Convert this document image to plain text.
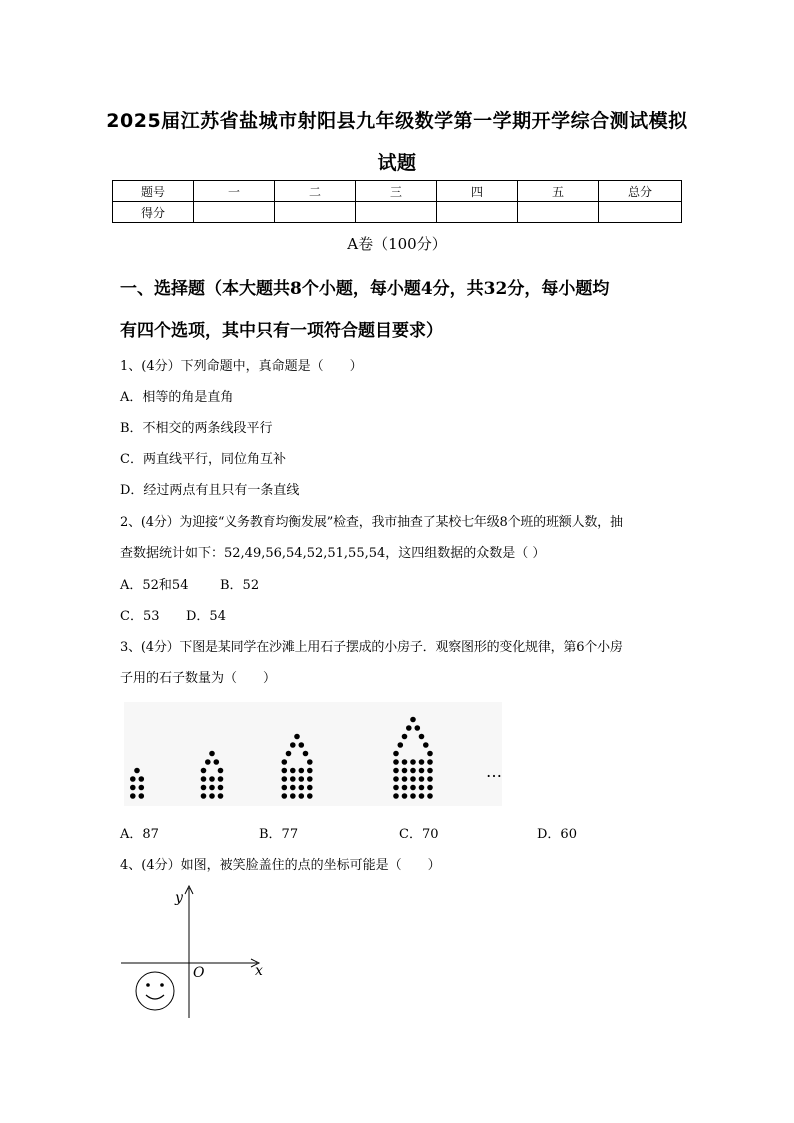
2025届江苏省盐城市射阳县九年级数学第一学期开学综合测试模拟
试题
题号	一	二	三	四	五	总分
得分						
A卷（100分）
一、选择题（本大题共8个小题，每小题4分，共32分，每小题均
有四个选项，其中只有一项符合题目要求）
1、(4分）下列命题中，真命题是（　　）
A．相等的角是直角
B．不相交的两条线段平行
C．两直线平行，同位角互补
D．经过两点有且只有一条直线
2、(4分）为迎接“义务教育均衡发展”检查，我市抽查了某校七年级8个班的班额人数，抽
查数据统计如下：52,49,56,54,52,51,55,54，这四组数据的众数是（ ）
A．52和54 B．52
C．53 D．54
3、(4分）下图是某同学在沙滩上用石子摆成的小房子．观察图形的变化规律，第6个小房
子用的石子数量为（　　）
…
A．87	B．77	C．70	D．60
4、(4分）如图，被笑脸盖住的点的坐标可能是（　　）
y
x
O
